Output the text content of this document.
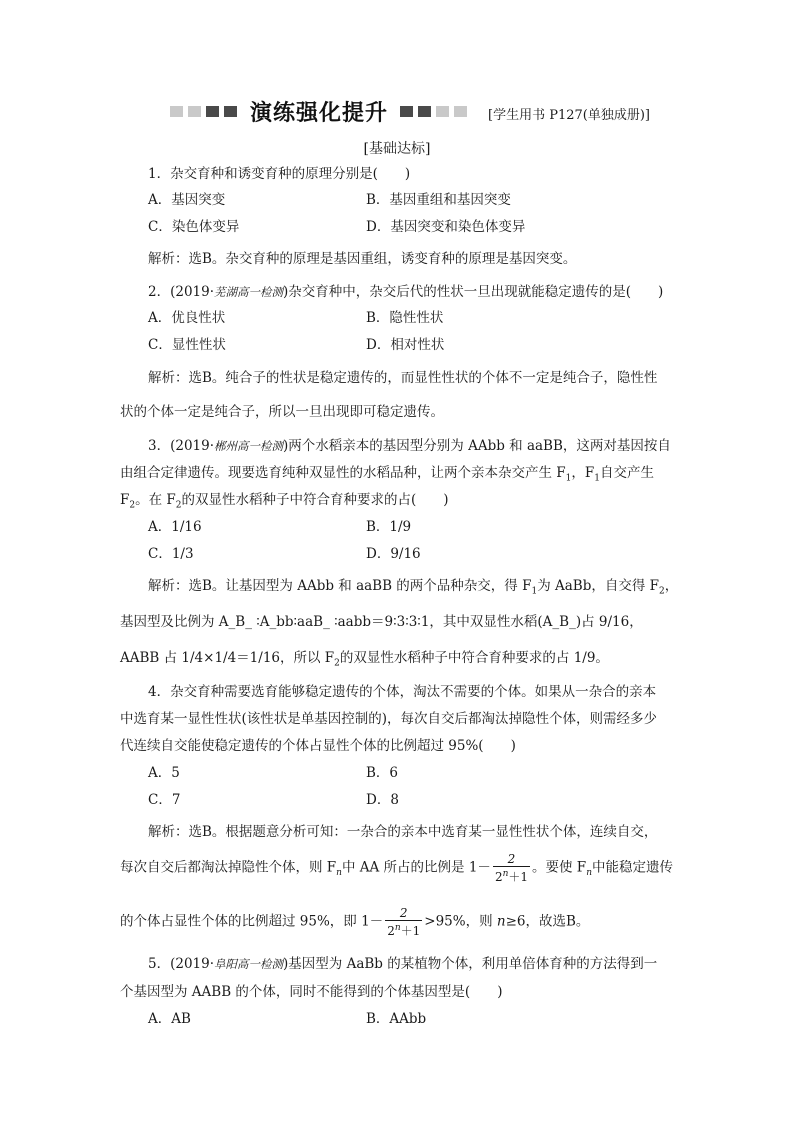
演练强化提升	[学生用书 P127(单独成册)]
[基础达标]
1．杂交育种和诱变育种的原理分别是(　　)
A．基因突变	B．基因重组和基因突变
C．染色体变异	D．基因突变和染色体变异
解析：选B。杂交育种的原理是基因重组，诱变育种的原理是基因突变。
2．(2019·芜湖高一检测)杂交育种中，杂交后代的性状一旦出现就能稳定遗传的是(　　)
A．优良性状	B．隐性性状
C．显性性状	D．相对性状
解析：选B。纯合子的性状是稳定遗传的，而显性性状的个体不一定是纯合子，隐性性
状的个体一定是纯合子，所以一旦出现即可稳定遗传。
3．(2019·郴州高一检测)两个水稻亲本的基因型分别为 AAbb 和 aaBB，这两对基因按自
由组合定律遗传。现要选育纯种双显性的水稻品种，让两个亲本杂交产生 $F_1$，$F_1$自交产生
$F_2$。在 $F_2$的双显性水稻种子中符合育种要求的占(　　)
A．1/16	B．1/9
C．1/3	D．9/16
解析：选B。让基因型为 AAbb 和 aaBB 的两个品种杂交，得 $F_1$为 AaBb，自交得 $F_2$，
基因型及比例为 A_B_ ∶A_bb∶aaB_ ∶aabb＝9∶3∶3∶1，其中双显性水稻(A_B_)占 9/16，
AABB 占 1/4×1/4＝1/16，所以 $F_2$的双显性水稻种子中符合育种要求的占 1/9。
4．杂交育种需要选育能够稳定遗传的个体，淘汰不需要的个体。如果从一杂合的亲本
中选育某一显性性状(该性状是单基因控制的)，每次自交后都淘汰掉隐性个体，则需经多少
代连续自交能使稳定遗传的个体占显性个体的比例超过 95%(　　)
A．5	B．6
C．7	D．8
解析：选B。根据题意分析可知：一杂合的亲本中选育某一显性性状个体，连续自交，
每次自交后都淘汰掉隐性个体，则 $F_n$中 AA 所占的比例是 $1- \frac{2}{2^n+1}$ 。要使 $F_n$中能稳定遗传
的个体占显性个体的比例超过 95%，即 $1- \frac{2}{2^n+1} >95\%$，则 n≥6，故选B。
5．(2019·阜阳高一检测)基因型为 AaBb 的某植物个体，利用单倍体育种的方法得到一
个基因型为 AABB 的个体，同时不能得到的个体基因型是(　　)
A．AB	B．AAbb
